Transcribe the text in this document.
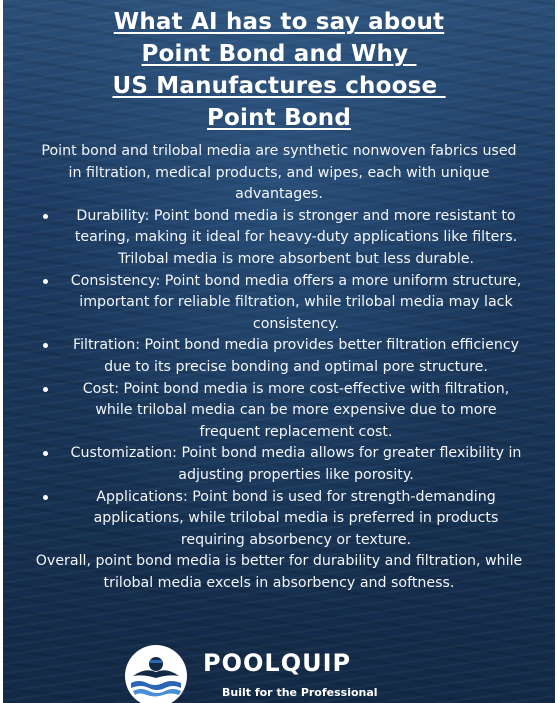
What AI has to say about
Point Bond and Why
US Manufactures choose
Point Bond

Point bond and trilobal media are synthetic nonwoven fabrics used in filtration, medical products, and wipes, each with unique advantages.

Durability: Point bond media is stronger and more resistant to tearing, making it ideal for heavy-duty applications like filters. Trilobal media is more absorbent but less durable.
Consistency: Point bond media offers a more uniform structure, important for reliable filtration, while trilobal media may lack consistency.
Filtration: Point bond media provides better filtration efficiency due to its precise bonding and optimal pore structure.
Cost: Point bond media is more cost-effective with filtration, while trilobal media can be more expensive due to more frequent replacement cost.
Customization: Point bond media allows for greater flexibility in adjusting properties like porosity.
Applications: Point bond is used for strength-demanding applications, while trilobal media is preferred in products requiring absorbency or texture.

Overall, point bond media is better for durability and filtration, while trilobal media excels in absorbency and softness.

POOLQUIP
Built for the Professional
